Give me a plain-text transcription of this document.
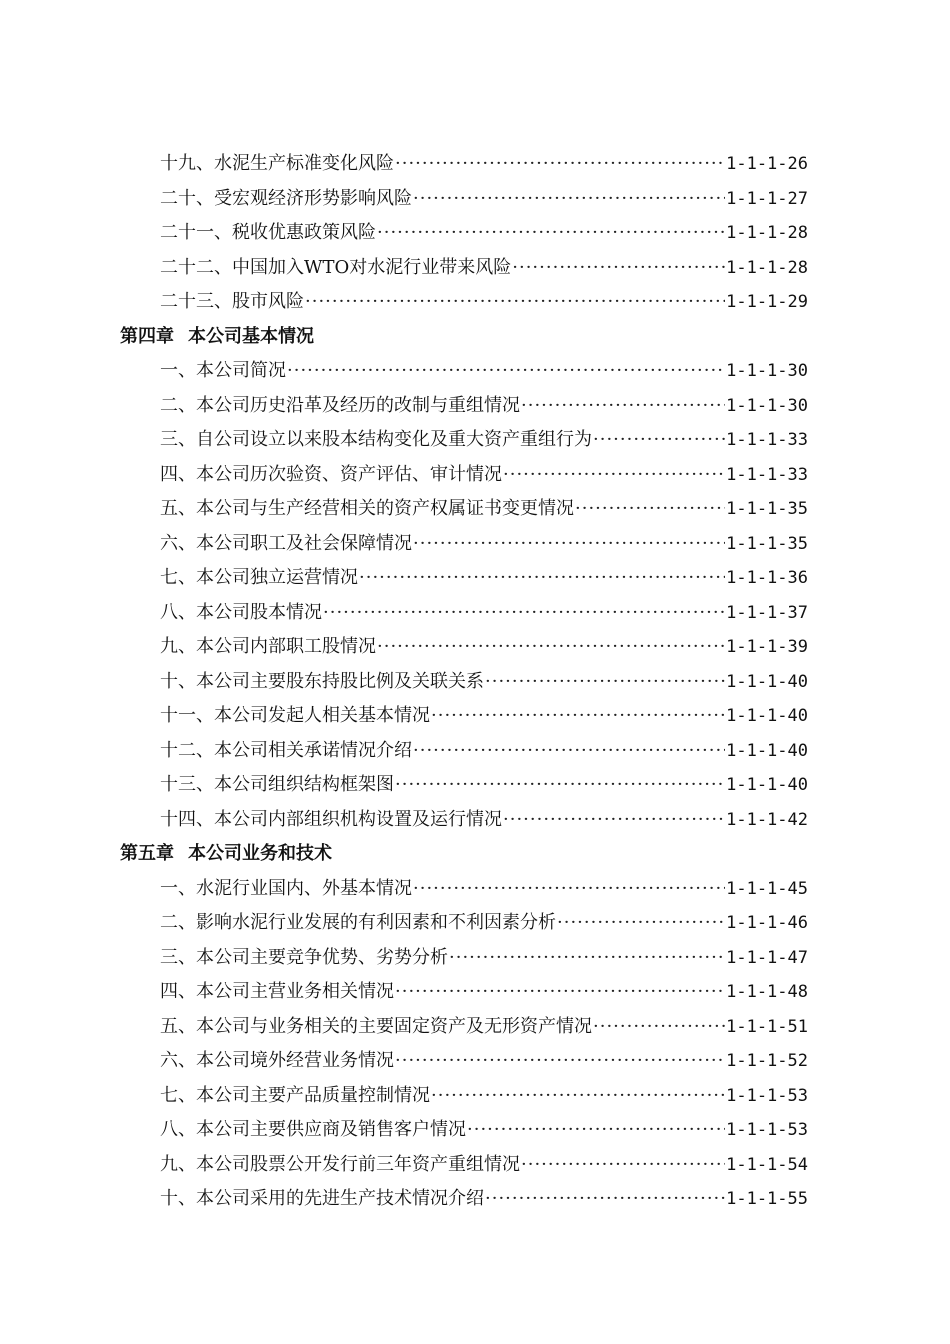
十九、水泥生产标准变化风险 ·····	1-1-1-26
二十、受宏观经济形势影响风险 ·····	1-1-1-27
二十一、税收优惠政策风险 ·····	1-1-1-28
二十二、中国加入WTO对水泥行业带来风险 ·····	1-1-1-28
二十三、股市风险 ·····	1-1-1-29
第四章 本公司基本情况
一、本公司简况 ·····	1-1-1-30
二、本公司历史沿革及经历的改制与重组情况 ·····	1-1-1-30
三、自公司设立以来股本结构变化及重大资产重组行为 ·····	1-1-1-33
四、本公司历次验资、资产评估、审计情况 ·····	1-1-1-33
五、本公司与生产经营相关的资产权属证书变更情况 ·····	1-1-1-35
六、本公司职工及社会保障情况 ·····	1-1-1-35
七、本公司独立运营情况 ·····	1-1-1-36
八、本公司股本情况 ·····	1-1-1-37
九、本公司内部职工股情况 ·····	1-1-1-39
十、本公司主要股东持股比例及关联关系 ·····	1-1-1-40
十一、本公司发起人相关基本情况 ·····	1-1-1-40
十二、本公司相关承诺情况介绍 ·····	1-1-1-40
十三、本公司组织结构框架图 ·····	1-1-1-40
十四、本公司内部组织机构设置及运行情况 ·····	1-1-1-42
第五章 本公司业务和技术
一、水泥行业国内、外基本情况 ·····	1-1-1-45
二、影响水泥行业发展的有利因素和不利因素分析 ·····	1-1-1-46
三、本公司主要竞争优势、劣势分析 ·····	1-1-1-47
四、本公司主营业务相关情况 ·····	1-1-1-48
五、本公司与业务相关的主要固定资产及无形资产情况 ·····	1-1-1-51
六、本公司境外经营业务情况 ·····	1-1-1-52
七、本公司主要产品质量控制情况 ·····	1-1-1-53
八、本公司主要供应商及销售客户情况 ·····	1-1-1-53
九、本公司股票公开发行前三年资产重组情况 ·····	1-1-1-54
十、本公司采用的先进生产技术情况介绍 ·····	1-1-1-55
